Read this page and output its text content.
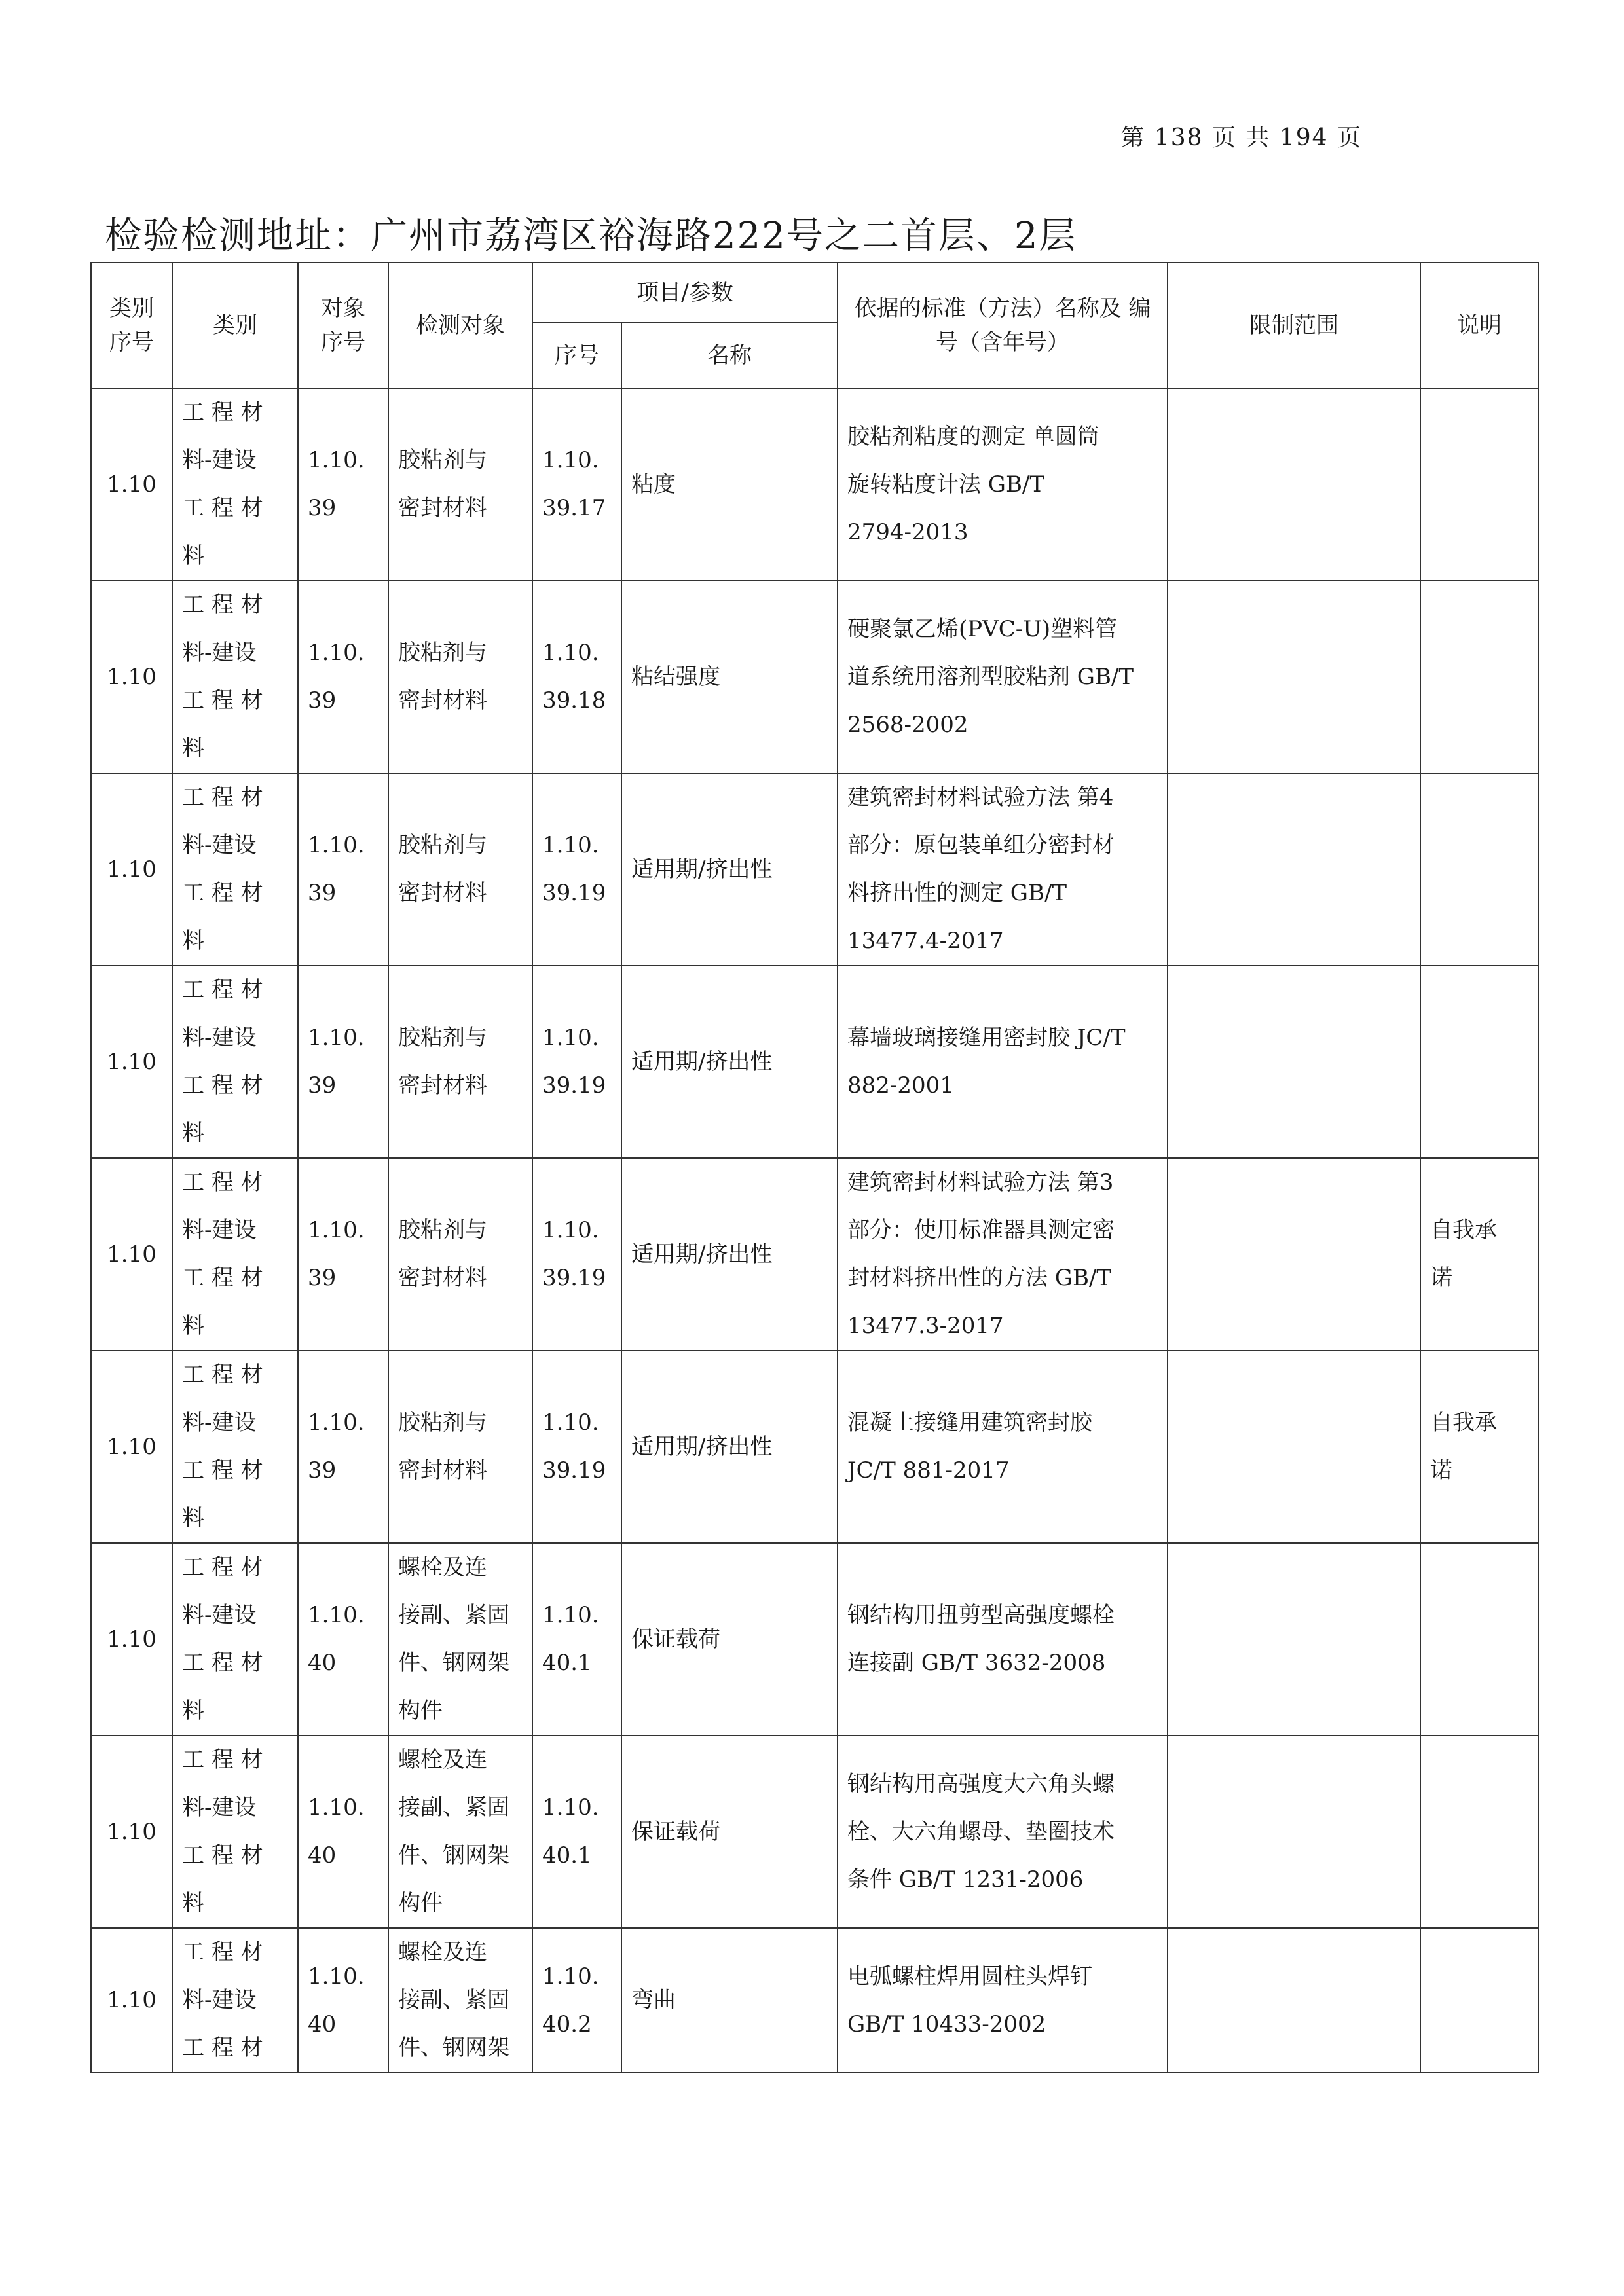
第 138 页 共 194 页
检验检测地址：广州市荔湾区裕海路222号之二首层、2层
类别 序号	类别	对象 序号	检测对象	项目/参数		依据的标准（方法）名称及 编号（含年号）	限制范围	说明
				序号	名称			
1.10	工 程 材
料-建设
工 程 材
料	1.10.
39	胶粘剂与
密封材料	1.10.
39.17	粘度	胶粘剂粘度的测定 单圆筒
旋转粘度计法 GB/T
2794-2013		
1.10	工 程 材
料-建设
工 程 材
料	1.10.
39	胶粘剂与
密封材料	1.10.
39.18	粘结强度	硬聚氯乙烯(PVC-U)塑料管
道系统用溶剂型胶粘剂 GB/T
2568-2002		
1.10	工 程 材
料-建设
工 程 材
料	1.10.
39	胶粘剂与
密封材料	1.10.
39.19	适用期/挤出性	建筑密封材料试验方法 第4
部分：原包装单组分密封材
料挤出性的测定 GB/T
13477.4-2017		
1.10	工 程 材
料-建设
工 程 材
料	1.10.
39	胶粘剂与
密封材料	1.10.
39.19	适用期/挤出性	幕墙玻璃接缝用密封胶 JC/T
882-2001		
1.10	工 程 材
料-建设
工 程 材
料	1.10.
39	胶粘剂与
密封材料	1.10.
39.19	适用期/挤出性	建筑密封材料试验方法 第3
部分：使用标准器具测定密
封材料挤出性的方法 GB/T
13477.3-2017		自我承
诺
1.10	工 程 材
料-建设
工 程 材
料	1.10.
39	胶粘剂与
密封材料	1.10.
39.19	适用期/挤出性	混凝土接缝用建筑密封胶
JC/T 881-2017		自我承
诺
1.10	工 程 材
料-建设
工 程 材
料	1.10.
40	螺栓及连
接副、紧固
件、钢网架
构件	1.10.
40.1	保证载荷	钢结构用扭剪型高强度螺栓
连接副 GB/T 3632-2008		
1.10	工 程 材
料-建设
工 程 材
料	1.10.
40	螺栓及连
接副、紧固
件、钢网架
构件	1.10.
40.1	保证载荷	钢结构用高强度大六角头螺
栓、大六角螺母、垫圈技术
条件 GB/T 1231-2006		
1.10	工 程 材
料-建设
工 程 材	1.10.
40	螺栓及连
接副、紧固
件、钢网架	1.10.
40.2	弯曲	电弧螺柱焊用圆柱头焊钉
GB/T 10433-2002		
